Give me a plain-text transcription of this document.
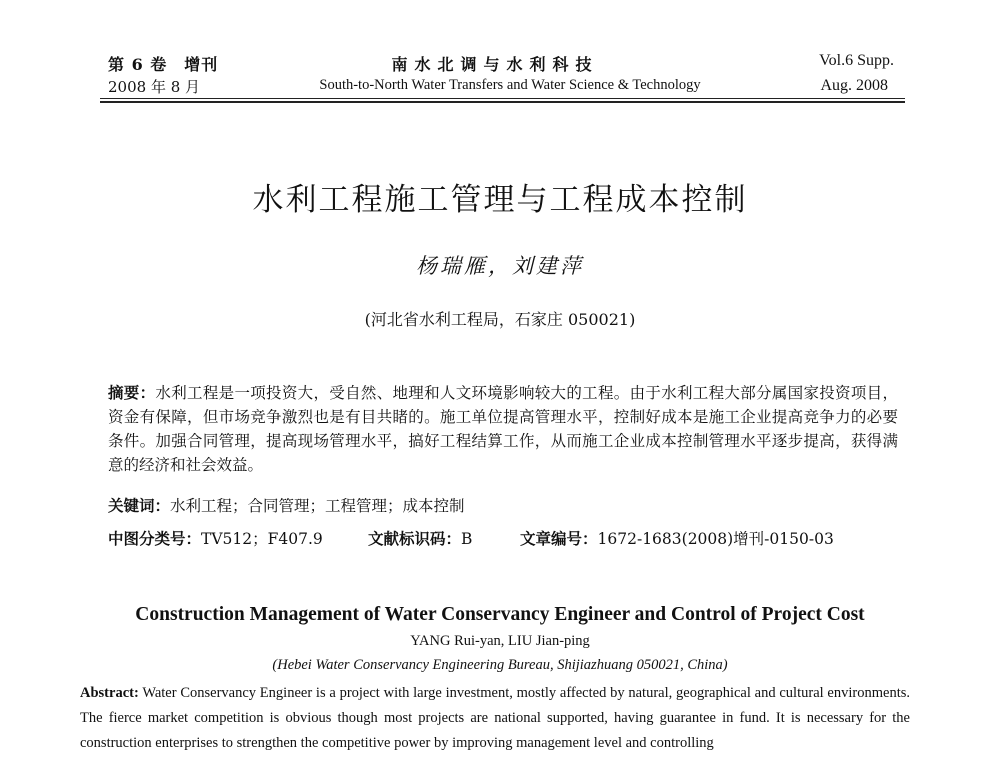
第 6 卷　增刊
2008 年 8 月
南水北调与水利科技
South-to-North Water Transfers and Water Science & Technology
Vol.6 Supp.
Aug. 2008
水利工程施工管理与工程成本控制
杨瑞雁，刘建萍
(河北省水利工程局，石家庄 050021)
摘要：水利工程是一项投资大，受自然、地理和人文环境影响较大的工程。由于水利工程大部分属国家投资项目，资金有保障，但市场竞争激烈也是有目共睹的。施工单位提高管理水平，控制好成本是施工企业提高竞争力的必要条件。加强合同管理，提高现场管理水平，搞好工程结算工作，从而施工企业成本控制管理水平逐步提高，获得满意的经济和社会效益。
关键词：水利工程；合同管理；工程管理；成本控制
中图分类号：TV512；F407.9	文献标识码：B	文章编号：1672-1683(2008)增刊-0150-03
Construction Management of Water Conservancy Engineer and Control of Project Cost
YANG Rui-yan, LIU Jian-ping
(Hebei Water Conservancy Engineering Bureau, Shijiazhuang 050021, China)
Abstract: Water Conservancy Engineer is a project with large investment, mostly affected by natural, geographical and cultural environments. The fierce market competition is obvious though most projects are national supported, having guarantee in fund. It is necessary for the construction enterprises to strengthen the competitive power by improving management level and controlling
